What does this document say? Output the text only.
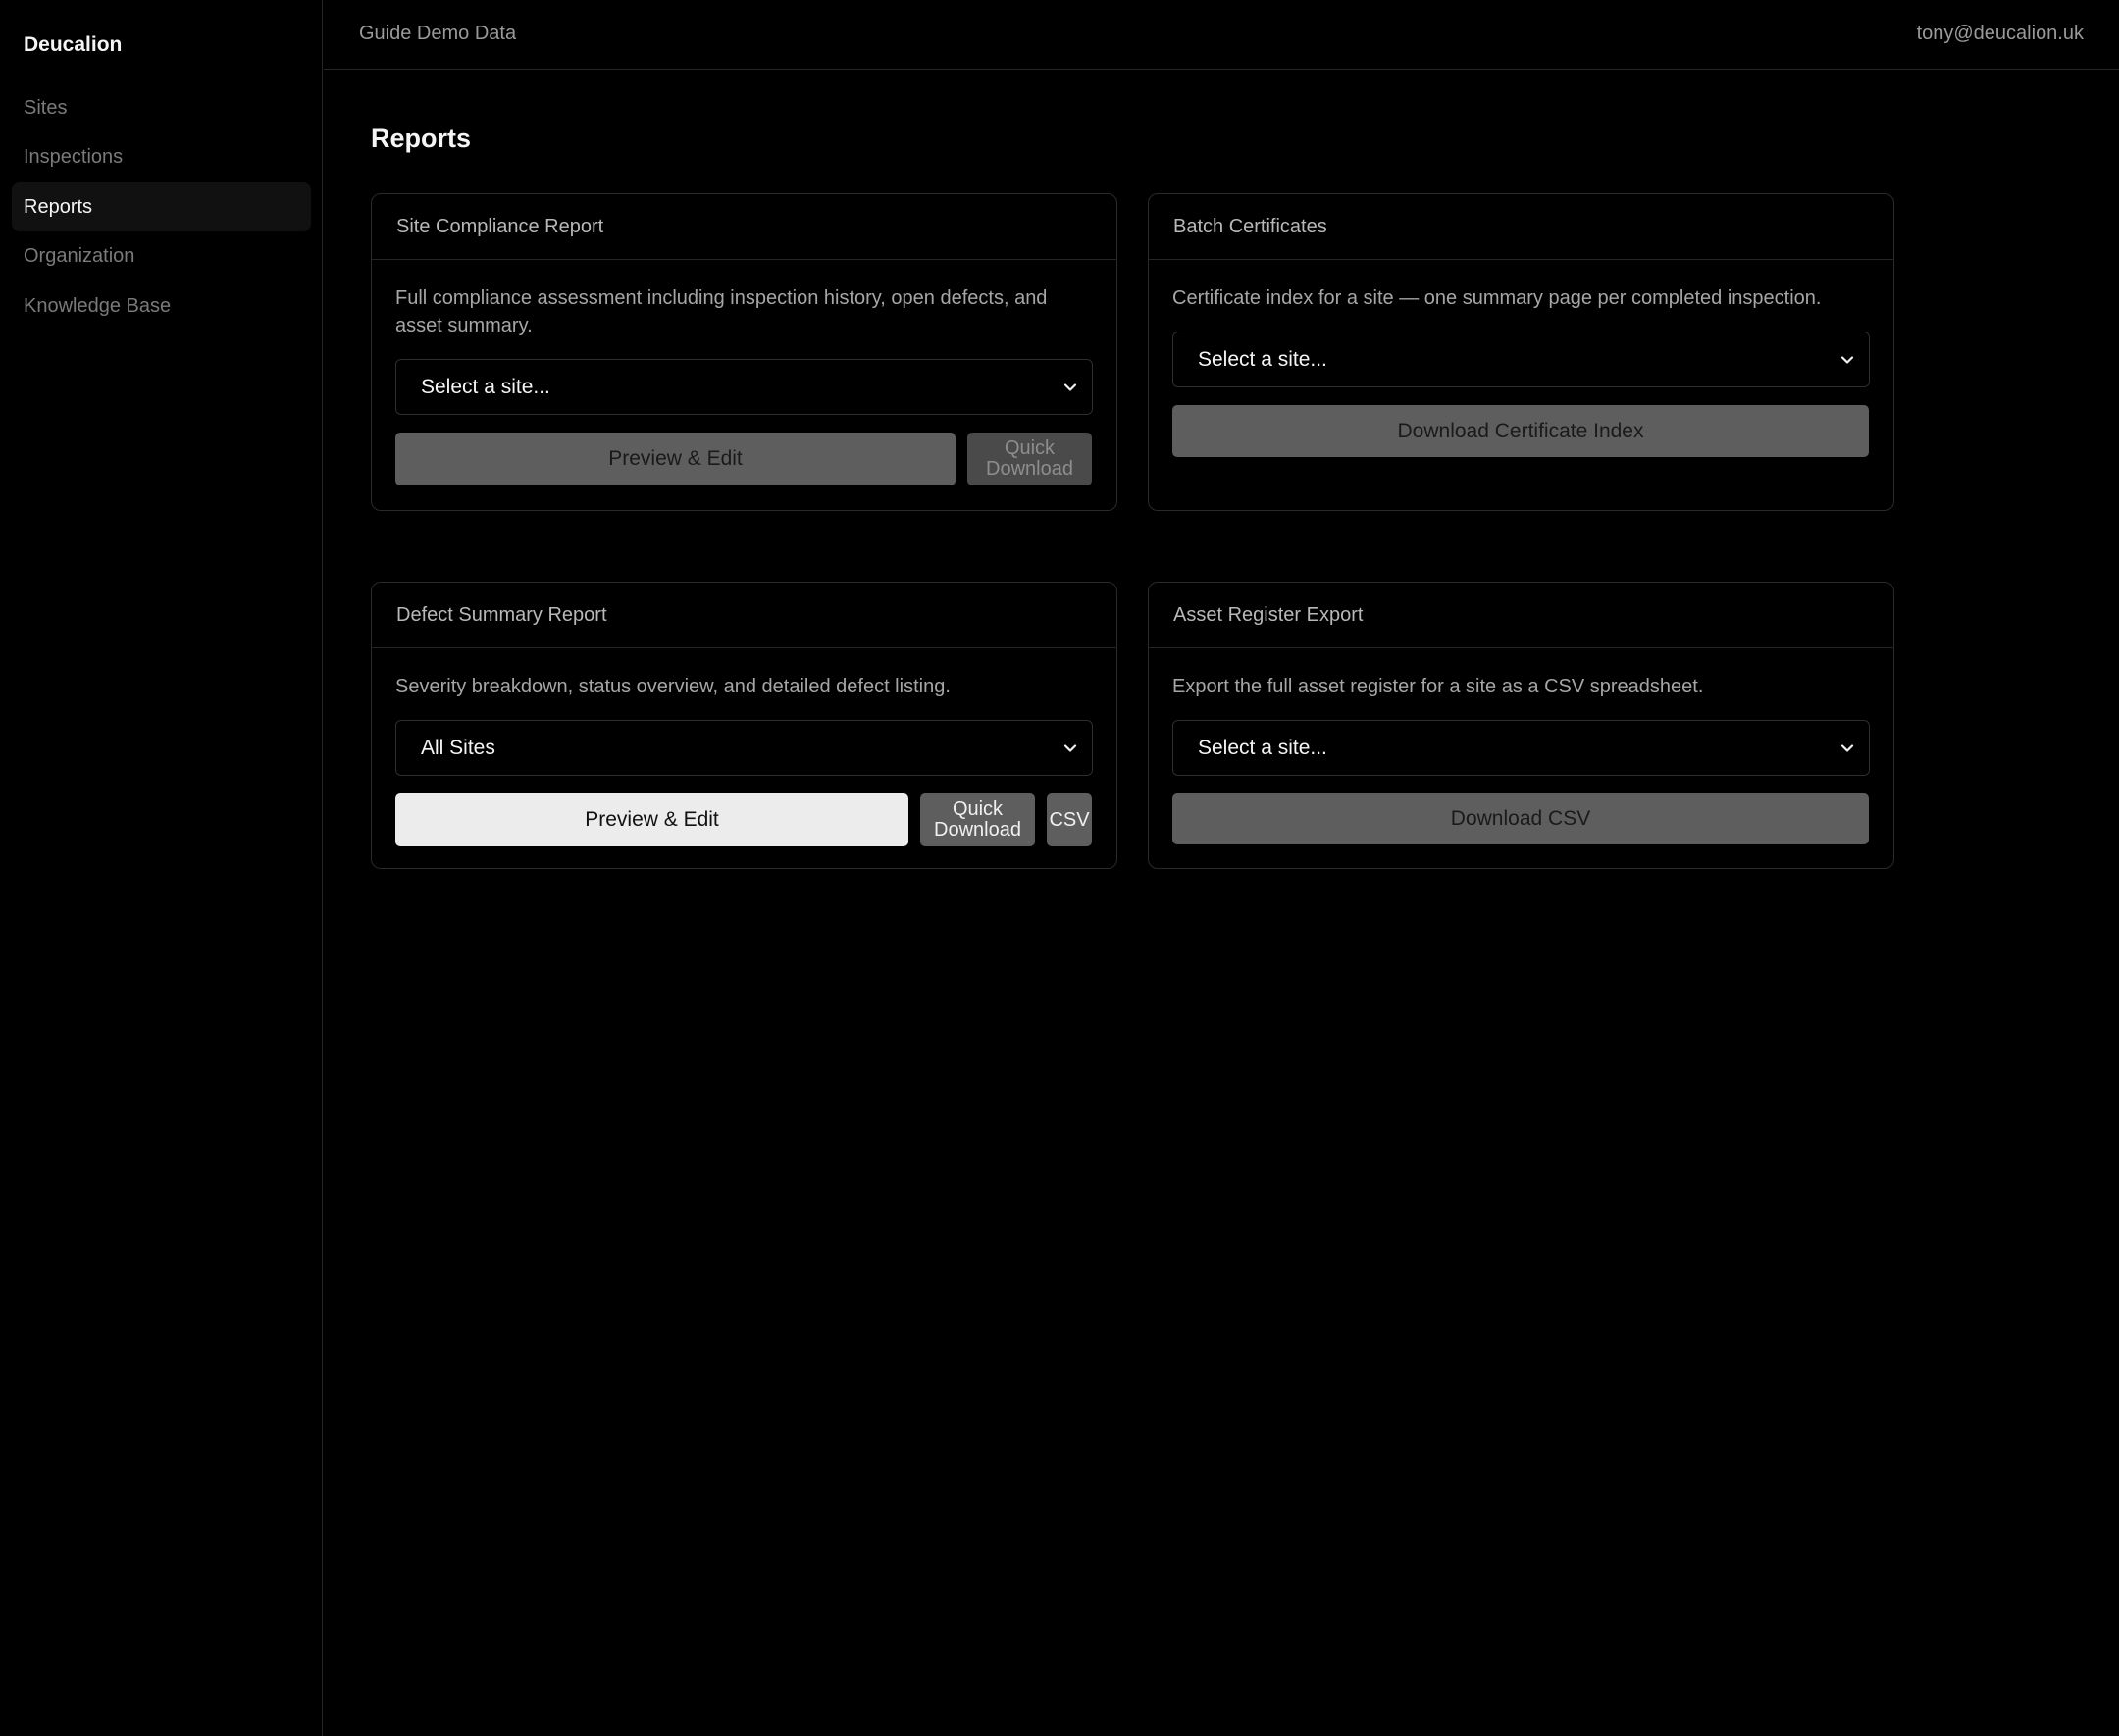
Deucalion
Sites
Inspections
Reports
Organization
Knowledge Base
Guide Demo Data	tony@deucalion.uk
Reports
Site Compliance Report

Full compliance assessment including inspection history, open defects, and asset summary.

Select a site...
Preview & Edit	Quick Download
Batch Certificates

Certificate index for a site — one summary page per completed inspection.

Select a site...
Download Certificate Index
Defect Summary Report

Severity breakdown, status overview, and detailed defect listing.

All Sites
Preview & Edit	Quick Download	CSV
Asset Register Export

Export the full asset register for a site as a CSV spreadsheet.

Select a site...
Download CSV
